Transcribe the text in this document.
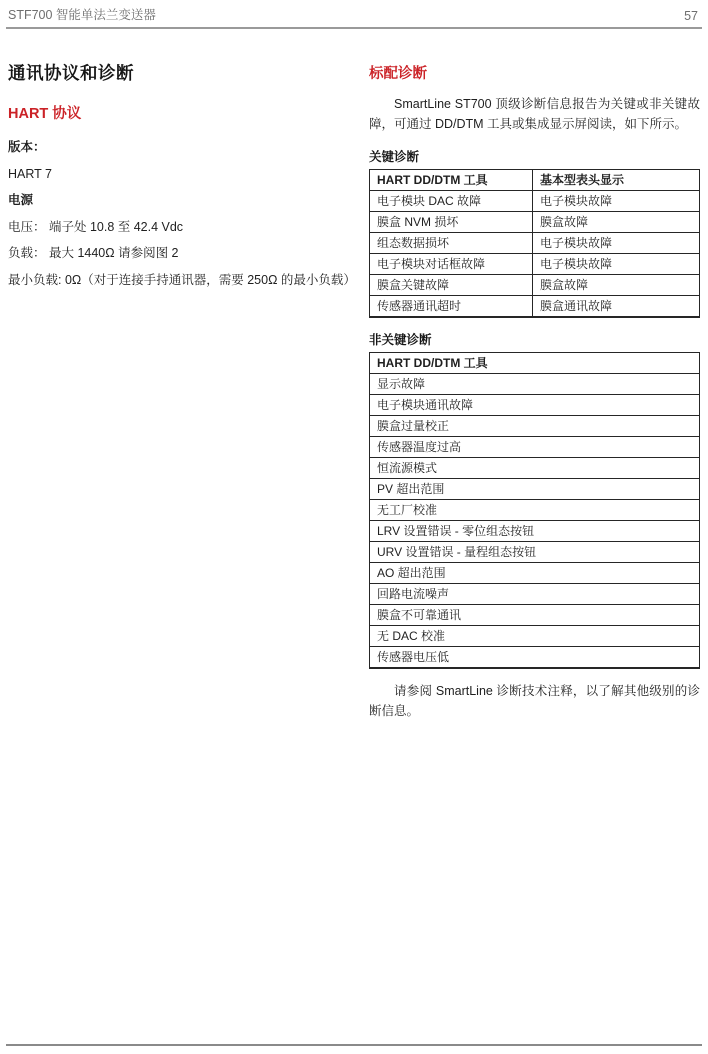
STF700 智能单法兰变送器	57
通讯协议和诊断
HART 协议

版本：

HART 7

电源

电压： 端子处 10.8 至 42.4 Vdc

负载： 最大 1440Ω 请参阅图 2

最小负载: 0Ω（对于连接手持通讯器，需要 250Ω 的最小负载）

标配诊断

SmartLine ST700 顶级诊断信息报告为关键或非关键故障，可通过 DD/DTM 工具或集成显示屏阅读，如下所示。

关键诊断
HART DD/DTM 工具	基本型表头显示
电子模块 DAC 故障	电子模块故障
膜盒 NVM 损坏	膜盒故障
组态数据损坏	电子模块故障
电子模块对话框故障	电子模块故障
膜盒关键故障	膜盒故障
传感器通讯超时	膜盒通讯故障
非关键诊断
HART DD/DTM 工具
显示故障
电子模块通讯故障
膜盒过量校正
传感器温度过高
恒流源模式
PV 超出范围
无工厂校准
LRV 设置错误 - 零位组态按钮
URV 设置错误 - 量程组态按钮
AO 超出范围
回路电流噪声
膜盒不可靠通讯
无 DAC 校准
传感器电压低

请参阅 SmartLine 诊断技术注释，以了解其他级别的诊断信息。
